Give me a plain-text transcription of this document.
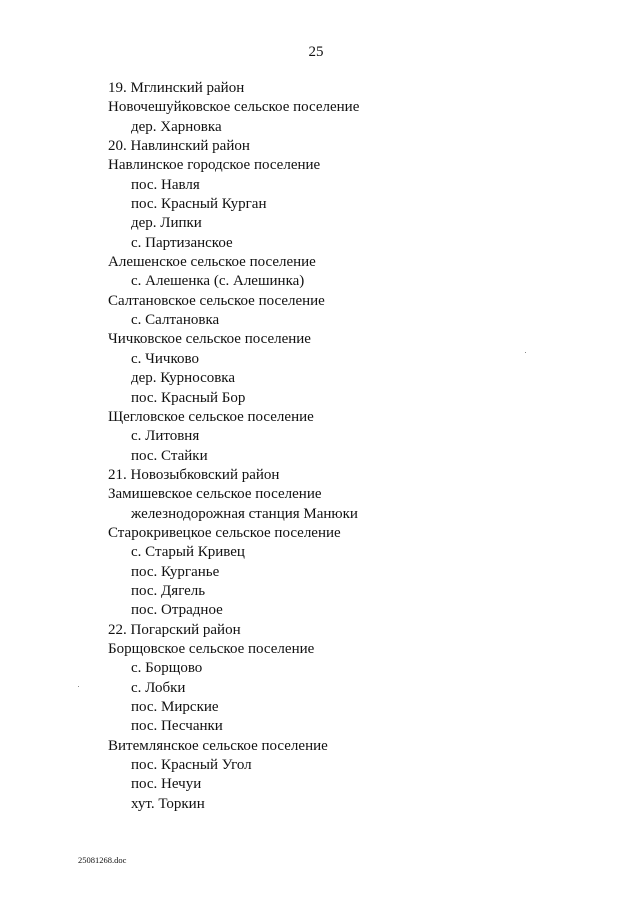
25
19. Мглинский район
Новочешуйковское сельское поселение
дер. Харновка
20. Навлинский район
Навлинское городское поселение
пос. Навля
пос. Красный Курган
дер. Липки
с. Партизанское
Алешенское сельское поселение
с. Алешенка (с. Алешинка)
Салтановское сельское поселение
с. Салтановка
Чичковское сельское поселение
с. Чичково
дер. Курносовка
пос. Красный Бор
Щегловское сельское поселение
с. Литовня
пос. Стайки
21. Новозыбковский район
Замишевское сельское поселение
железнодорожная станция Манюки
Старокривецкое сельское поселение
с. Старый Кривец
пос. Курганье
пос. Дягель
пос. Отрадное
22. Погарский район
Борщовское сельское поселение
с. Борщово
с. Лобки
пос. Мирские
пос. Песчанки
Витемлянское сельское поселение
пос. Красный Угол
пос. Нечуи
хут. Торкин
25081268.doc
